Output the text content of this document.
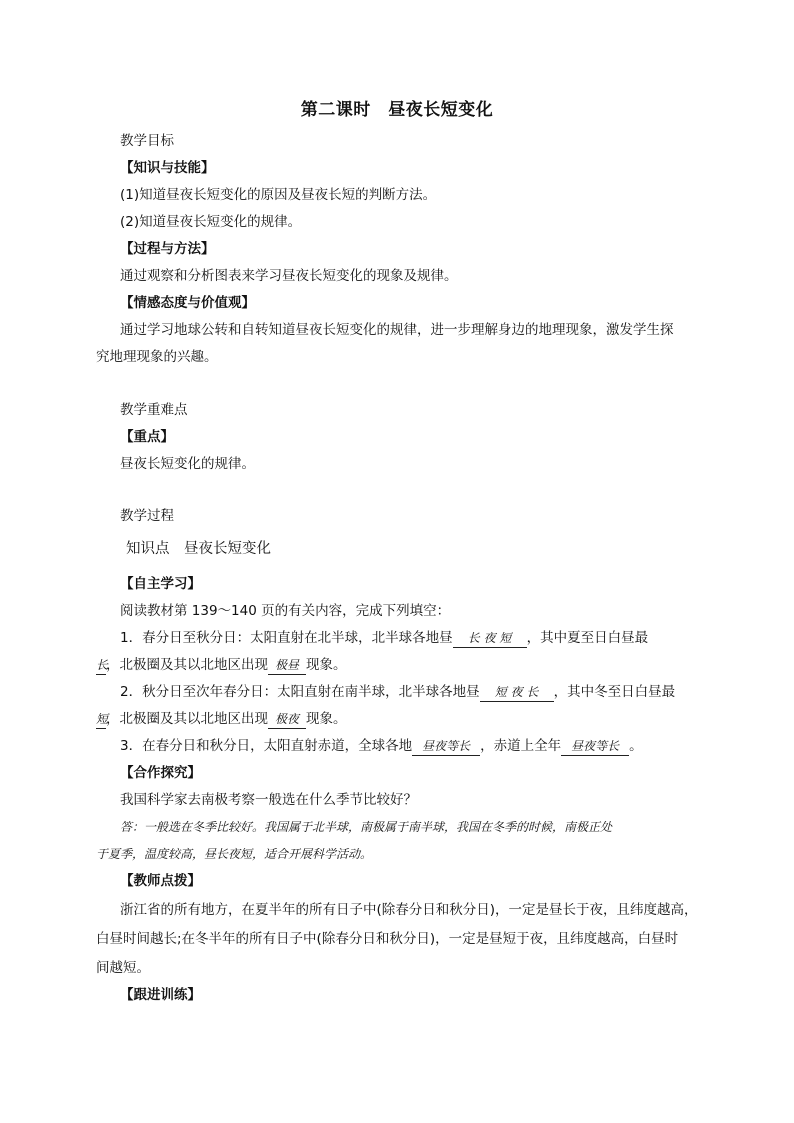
第二课时　昼夜长短变化
教学目标
【知识与技能】
(1)知道昼夜长短变化的原因及昼夜长短的判断方法。
(2)知道昼夜长短变化的规律。
【过程与方法】
通过观察和分析图表来学习昼夜长短变化的现象及规律。
【情感态度与价值观】
通过学习地球公转和自转知道昼夜长短变化的规律，进一步理解身边的地理现象，激发学生探
究地理现象的兴趣。
教学重难点
【重点】
昼夜长短变化的规律。
教学过程
知识点　昼夜长短变化
【自主学习】
阅读教材第 139～140 页的有关内容，完成下列填空：
1．春分日至秋分日：太阳直射在北半球，北半球各地昼 长 夜 短 ，其中夏至日白昼最
长，北极圈及其以北地区出现 极昼 现象。
2．秋分日至次年春分日：太阳直射在南半球，北半球各地昼 短 夜 长 ，其中冬至日白昼最
短，北极圈及其以北地区出现 极夜 现象。
3．在春分日和秋分日，太阳直射赤道，全球各地 昼夜等长 ，赤道上全年 昼夜等长 。
【合作探究】
我国科学家去南极考察一般选在什么季节比较好？
答：一般选在冬季比较好。我国属于北半球，南极属于南半球，我国在冬季的时候，南极正处
于夏季，温度较高，昼长夜短，适合开展科学活动。
【教师点拨】
浙江省的所有地方，在夏半年的所有日子中(除春分日和秋分日)，一定是昼长于夜，且纬度越高，
白昼时间越长;在冬半年的所有日子中(除春分日和秋分日)，一定是昼短于夜，且纬度越高，白昼时
间越短。
【跟进训练】
